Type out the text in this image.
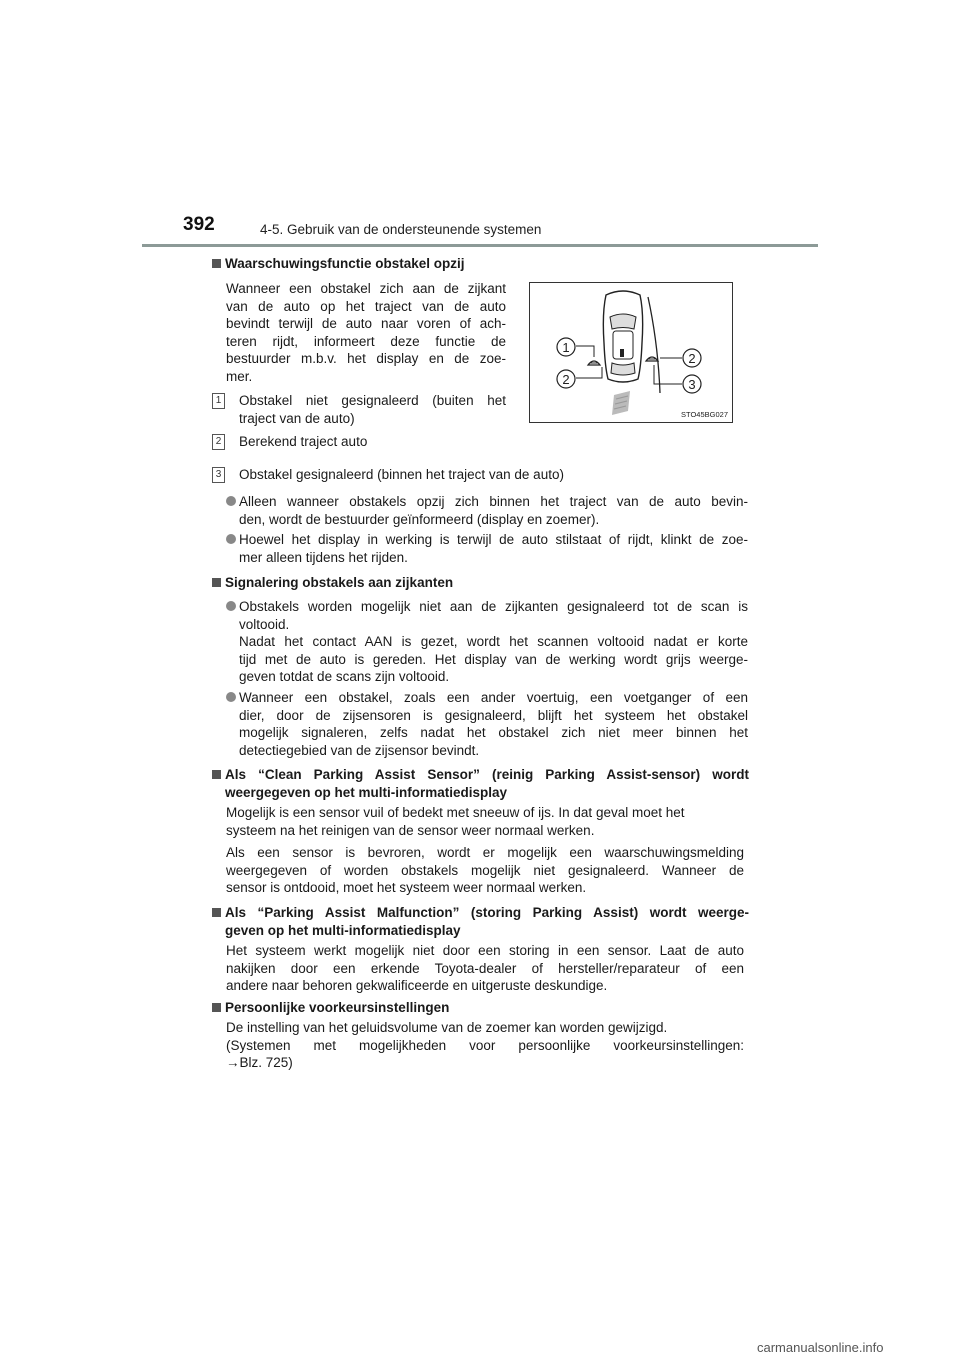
392	4-5. Gebruik van de ondersteunende systemen
Waarschuwingsfunctie obstakel opzij
Wanneer een obstakel zich aan de zijkant
van de auto op het traject van de auto
bevindt terwijl de auto naar voren of ach-
teren rijdt, informeert deze functie de
bestuurder m.b.v. het display en de zoe-
mer.
1 Obstakel niet gesignaleerd (buiten het
traject van de auto)
2 Berekend traject auto
3 Obstakel gesignaleerd (binnen het traject van de auto)
1
2
2
3
STO45BG027
Alleen wanneer obstakels opzij zich binnen het traject van de auto bevin-
den, wordt de bestuurder geïnformeerd (display en zoemer).
Hoewel het display in werking is terwijl de auto stilstaat of rijdt, klinkt de zoe-
mer alleen tijdens het rijden.
Signalering obstakels aan zijkanten
Obstakels worden mogelijk niet aan de zijkanten gesignaleerd tot de scan is
voltooid.
Nadat het contact AAN is gezet, wordt het scannen voltooid nadat er korte
tijd met de auto is gereden. Het display van de werking wordt grijs weerge-
geven totdat de scans zijn voltooid.
Wanneer een obstakel, zoals een ander voertuig, een voetganger of een
dier, door de zijsensoren is gesignaleerd, blijft het systeem het obstakel
mogelijk signaleren, zelfs nadat het obstakel zich niet meer binnen het
detectiegebied van de zijsensor bevindt.
Als “Clean Parking Assist Sensor” (reinig Parking Assist-sensor) wordt
weergegeven op het multi-informatiedisplay
Mogelijk is een sensor vuil of bedekt met sneeuw of ijs. In dat geval moet het
systeem na het reinigen van de sensor weer normaal werken.
Als een sensor is bevroren, wordt er mogelijk een waarschuwingsmelding
weergegeven of worden obstakels mogelijk niet gesignaleerd. Wanneer de
sensor is ontdooid, moet het systeem weer normaal werken.
Als “Parking Assist Malfunction” (storing Parking Assist) wordt weerge-
geven op het multi-informatiedisplay
Het systeem werkt mogelijk niet door een storing in een sensor. Laat de auto
nakijken door een erkende Toyota-dealer of hersteller/reparateur of een
andere naar behoren gekwalificeerde en uitgeruste deskundige.
Persoonlijke voorkeursinstellingen
De instelling van het geluidsvolume van de zoemer kan worden gewijzigd.
(Systemen met mogelijkheden voor persoonlijke voorkeursinstellingen:
→Blz. 725)
carmanualsonline.info
